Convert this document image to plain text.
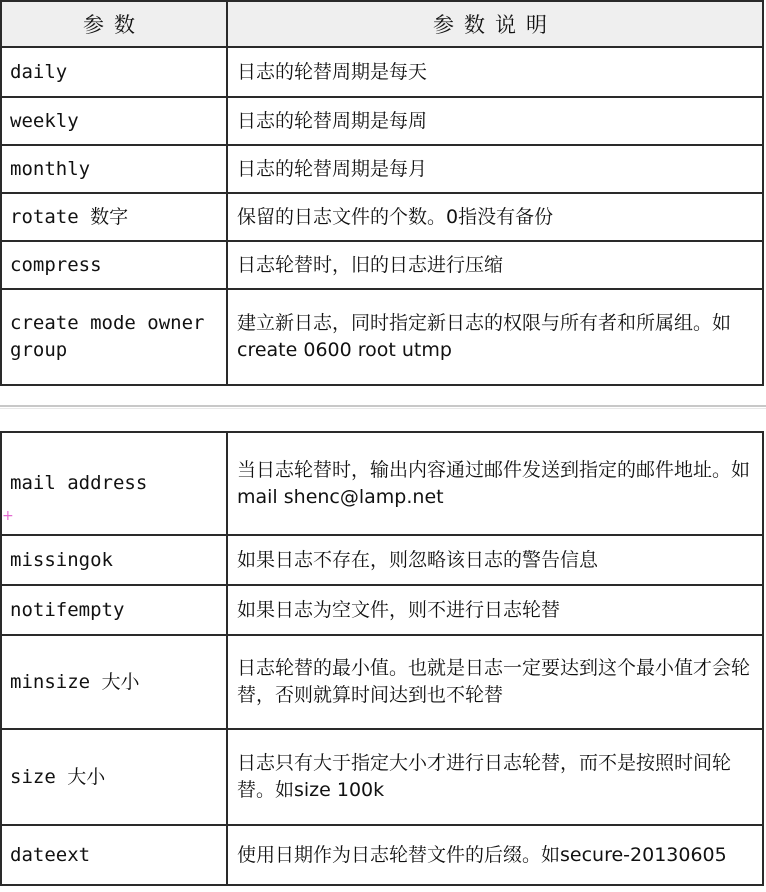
参数	参数说明
daily	日志的轮替周期是每天
weekly	日志的轮替周期是每周
monthly	日志的轮替周期是每月
rotate 数字	保留的日志文件的个数。0指没有备份
compress	日志轮替时，旧的日志进行压缩
create mode owner group	建立新日志，同时指定新日志的权限与所有者和所属组。如create 0600 root utmp
mail address	当日志轮替时，输出内容通过邮件发送到指定的邮件地址。如mail shenc@lamp.net
missingok	如果日志不存在，则忽略该日志的警告信息
notifempty	如果日志为空文件，则不进行日志轮替
minsize 大小	日志轮替的最小值。也就是日志一定要达到这个最小值才会轮替，否则就算时间达到也不轮替
size 大小	日志只有大于指定大小才进行日志轮替，而不是按照时间轮替。如size 100k
dateext	使用日期作为日志轮替文件的后缀。如secure-20130605
+
